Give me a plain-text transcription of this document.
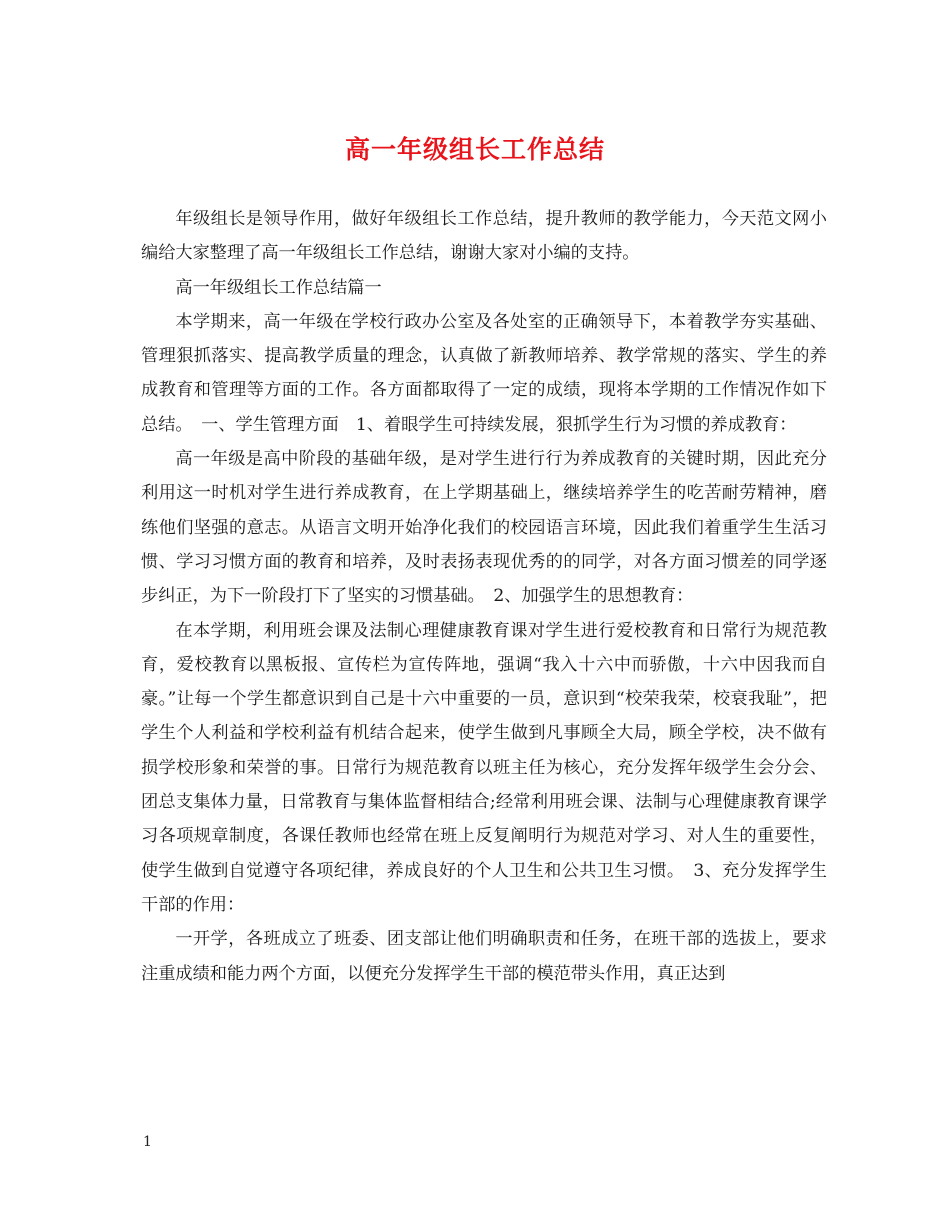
高一年级组长工作总结

年级组长是领导作用，做好年级组长工作总结，提升教师的教学能力，今天范文网小编给大家整理了高一年级组长工作总结，谢谢大家对小编的支持。

高一年级组长工作总结篇一

本学期来，高一年级在学校行政办公室及各处室的正确领导下，本着教学夯实基础、管理狠抓落实、提高教学质量的理念，认真做了新教师培养、教学常规的落实、学生的养成教育和管理等方面的工作。各方面都取得了一定的成绩，现将本学期的工作情况作如下总结。　一、学生管理方面　1、着眼学生可持续发展，狠抓学生行为习惯的养成教育：

高一年级是高中阶段的基础年级，是对学生进行行为养成教育的关键时期，因此充分利用这一时机对学生进行养成教育，在上学期基础上，继续培养学生的吃苦耐劳精神，磨练他们坚强的意志。从语言文明开始净化我们的校园语言环境，因此我们着重学生生活习惯、学习习惯方面的教育和培养，及时表扬表现优秀的的同学，对各方面习惯差的同学逐步纠正，为下一阶段打下了坚实的习惯基础。　2、加强学生的思想教育：

在本学期，利用班会课及法制心理健康教育课对学生进行爱校教育和日常行为规范教育，爱校教育以黑板报、宣传栏为宣传阵地，强调“我入十六中而骄傲，十六中因我而自豪。”让每一个学生都意识到自己是十六中重要的一员，意识到“校荣我荣，校衰我耻”，把学生个人利益和学校利益有机结合起来，使学生做到凡事顾全大局，顾全学校，决不做有损学校形象和荣誉的事。日常行为规范教育以班主任为核心，充分发挥年级学生会分会、团总支集体力量，日常教育与集体监督相结合;经常利用班会课、法制与心理健康教育课学习各项规章制度，各课任教师也经常在班上反复阐明行为规范对学习、对人生的重要性，使学生做到自觉遵守各项纪律，养成良好的个人卫生和公共卫生习惯。　3、充分发挥学生干部的作用：

一开学，各班成立了班委、团支部让他们明确职责和任务，在班干部的选拔上，要求注重成绩和能力两个方面，以便充分发挥学生干部的模范带头作用，真正达到

1
